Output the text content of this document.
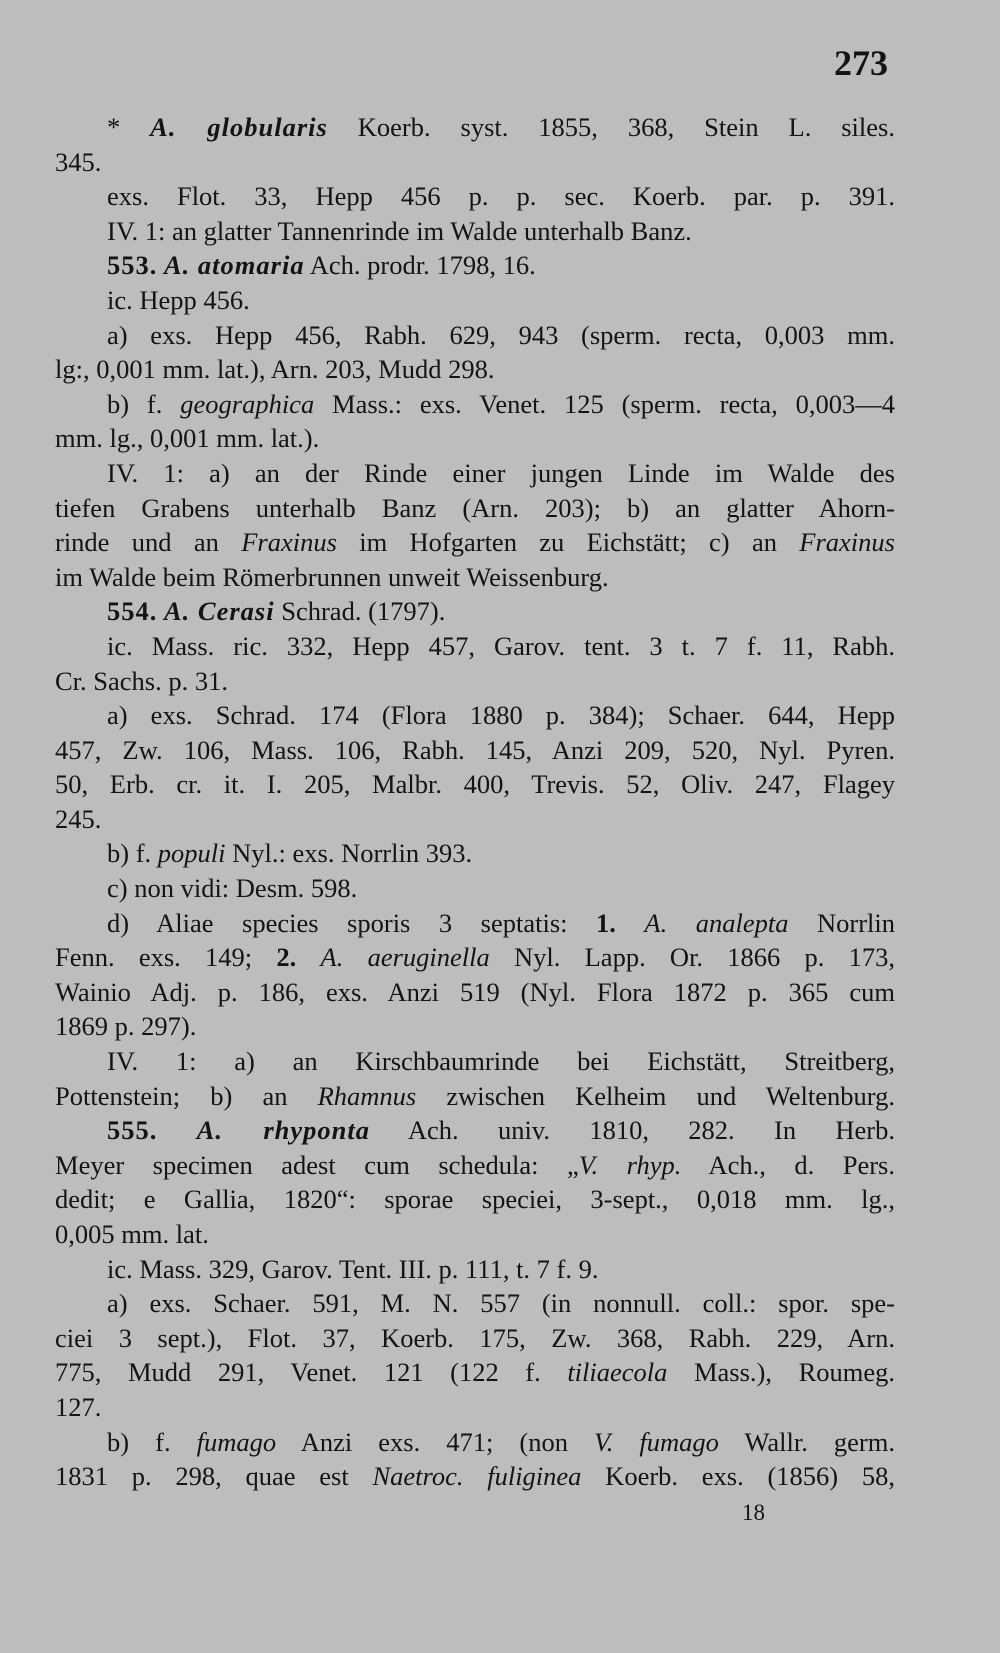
273
* A. globularis Koerb. syst. 1855, 368, Stein L. siles.
345.
exs. Flot. 33, Hepp 456 p. p. sec. Koerb. par. p. 391.
IV. 1: an glatter Tannenrinde im Walde unterhalb Banz.
553. A. atomaria Ach. prodr. 1798, 16.
ic. Hepp 456.
a) exs. Hepp 456, Rabh. 629, 943 (sperm. recta, 0,003 mm.
lg:, 0,001 mm. lat.), Arn. 203, Mudd 298.
b) f. geographica Mass.: exs. Venet. 125 (sperm. recta, 0,003—4
mm. lg., 0,001 mm. lat.).
IV. 1: a) an der Rinde einer jungen Linde im Walde des
tiefen Grabens unterhalb Banz (Arn. 203); b) an glatter Ahorn-
rinde und an Fraxinus im Hofgarten zu Eichstätt; c) an Fraxinus
im Walde beim Römerbrunnen unweit Weissenburg.
554. A. Cerasi Schrad. (1797).
ic. Mass. ric. 332, Hepp 457, Garov. tent. 3 t. 7 f. 11, Rabh.
Cr. Sachs. p. 31.
a) exs. Schrad. 174 (Flora 1880 p. 384); Schaer. 644, Hepp
457, Zw. 106, Mass. 106, Rabh. 145, Anzi 209, 520, Nyl. Pyren.
50, Erb. cr. it. I. 205, Malbr. 400, Trevis. 52, Oliv. 247, Flagey
245.
b) f. populi Nyl.: exs. Norrlin 393.
c) non vidi: Desm. 598.
d) Aliae species sporis 3 septatis: 1. A. analepta Norrlin
Fenn. exs. 149; 2. A. aeruginella Nyl. Lapp. Or. 1866 p. 173,
Wainio Adj. p. 186, exs. Anzi 519 (Nyl. Flora 1872 p. 365 cum
1869 p. 297).
IV. 1: a) an Kirschbaumrinde bei Eichstätt, Streitberg,
Pottenstein; b) an Rhamnus zwischen Kelheim und Weltenburg.
555. A. rhyponta Ach. univ. 1810, 282. In Herb.
Meyer specimen adest cum schedula: „V. rhyp. Ach., d. Pers.
dedit; e Gallia, 1820“: sporae speciei, 3-sept., 0,018 mm. lg.,
0,005 mm. lat.
ic. Mass. 329, Garov. Tent. III. p. 111, t. 7 f. 9.
a) exs. Schaer. 591, M. N. 557 (in nonnull. coll.: spor. spe-
ciei 3 sept.), Flot. 37, Koerb. 175, Zw. 368, Rabh. 229, Arn.
775, Mudd 291, Venet. 121 (122 f. tiliaecola Mass.), Roumeg.
127.
b) f. fumago Anzi exs. 471; (non V. fumago Wallr. germ.
1831 p. 298, quae est Naetroc. fuliginea Koerb. exs. (1856) 58,
18
